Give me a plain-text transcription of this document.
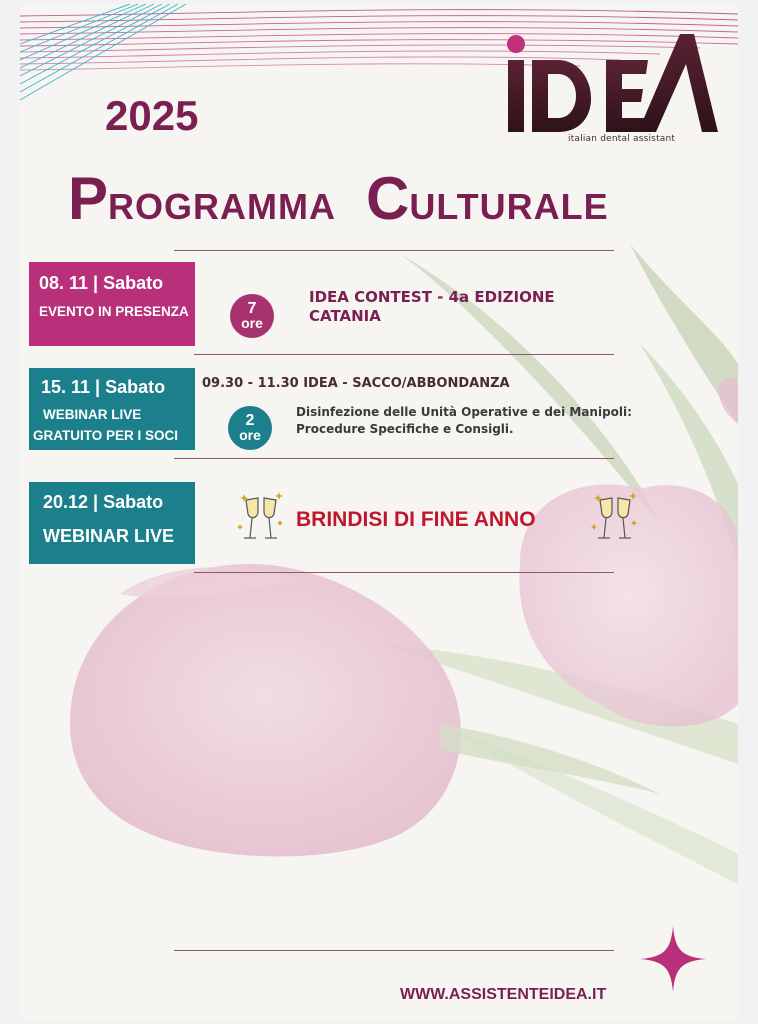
italian dental assistant
2025
PROGRAMMA CULTURALE
08. 11 | Sabato
EVENTO IN PRESENZA	7
ore
IDEA CONTEST - 4a EDIZIONE
CATANIA
15. 11 | Sabato
WEBINAR LIVE
GRATUITO PER I SOCI
09.30 - 11.30 IDEA - SACCO/ABBONDANZA
2
ore
Disinfezione delle Unità Operative e dei Manipoli:
Procedure Specifiche e Consigli.
20.12 | Sabato
WEBINAR LIVE
BRINDISI DI FINE ANNO
WWW.ASSISTENTEIDEA.IT
